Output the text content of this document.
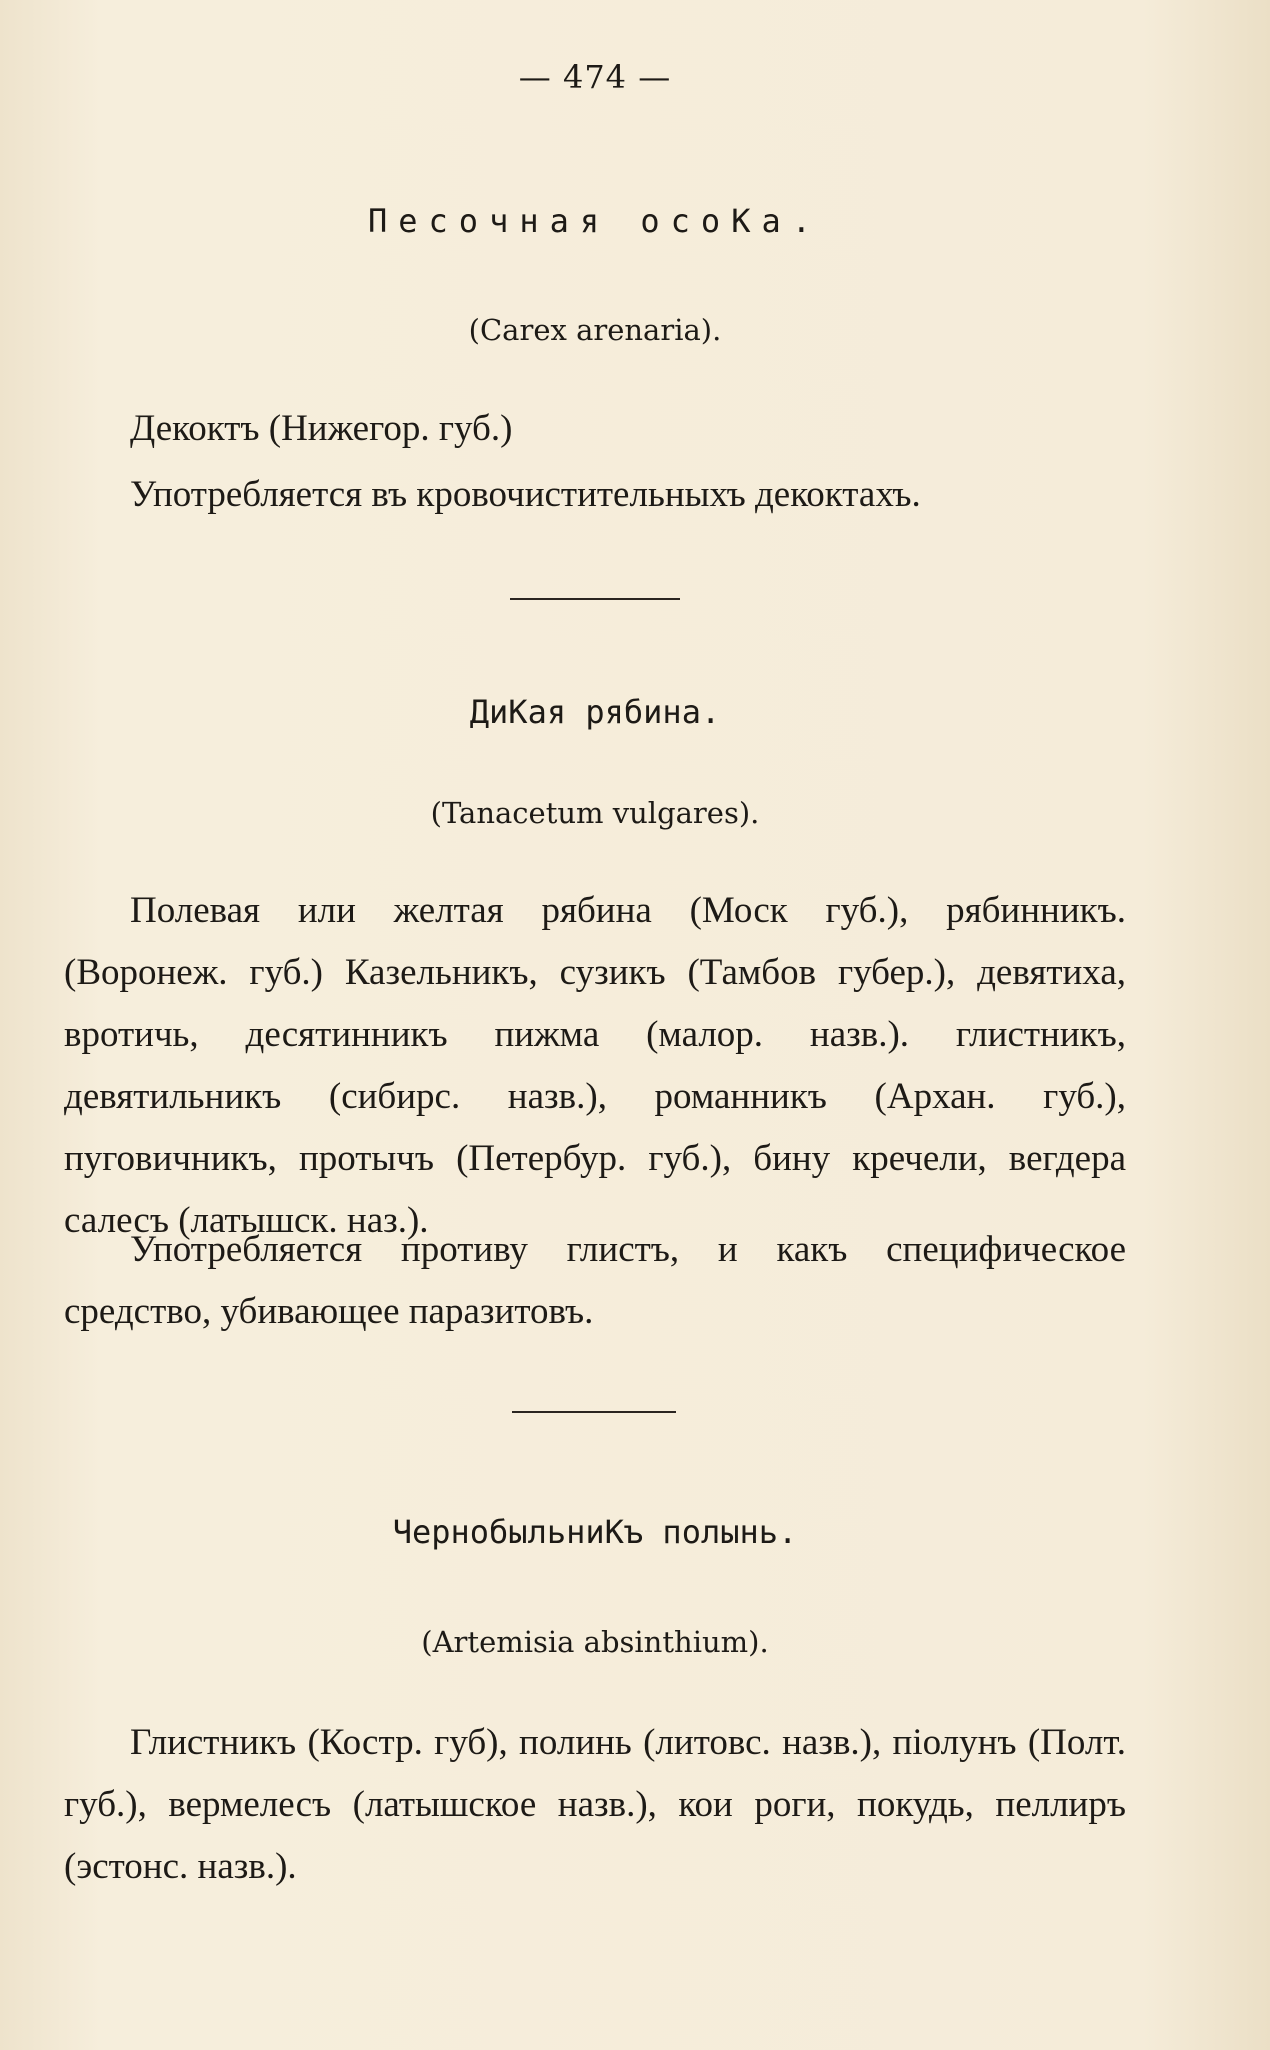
— 474 —
Песочная осоКа.
(Carex arenaria).
Декоктъ (Нижегор. губ.)
Употребляется въ кровочистительныхъ декоктахъ.
ДиКая рябина.
(Tanacetum vulgares).
Полевая или желтая рябина (Моск губ.), рябинникъ. (Воронеж. губ.) Казельникъ, сузикъ (Тамбов губер.), девятиха, вротичь, десятинникъ пижма (малор. назв.). глистникъ, девятильникъ (сибирс. назв.), романникъ (Архан. губ.), пуговичникъ, протычъ (Петербур. губ.), бину кречели, вегдера салесъ (латышск. наз.).
Употребляется противу глистъ, и какъ специфическое средство, убивающее паразитовъ.
ЧернобыльниКъ полынь.
(Artemisia absinthium).
Глистникъ (Костр. губ), полинь (литовс. назв.), піолунъ (Полт. губ.), вермелесъ (латышское назв.), кои роги, покудь, пеллиръ (эстонс. назв.).
